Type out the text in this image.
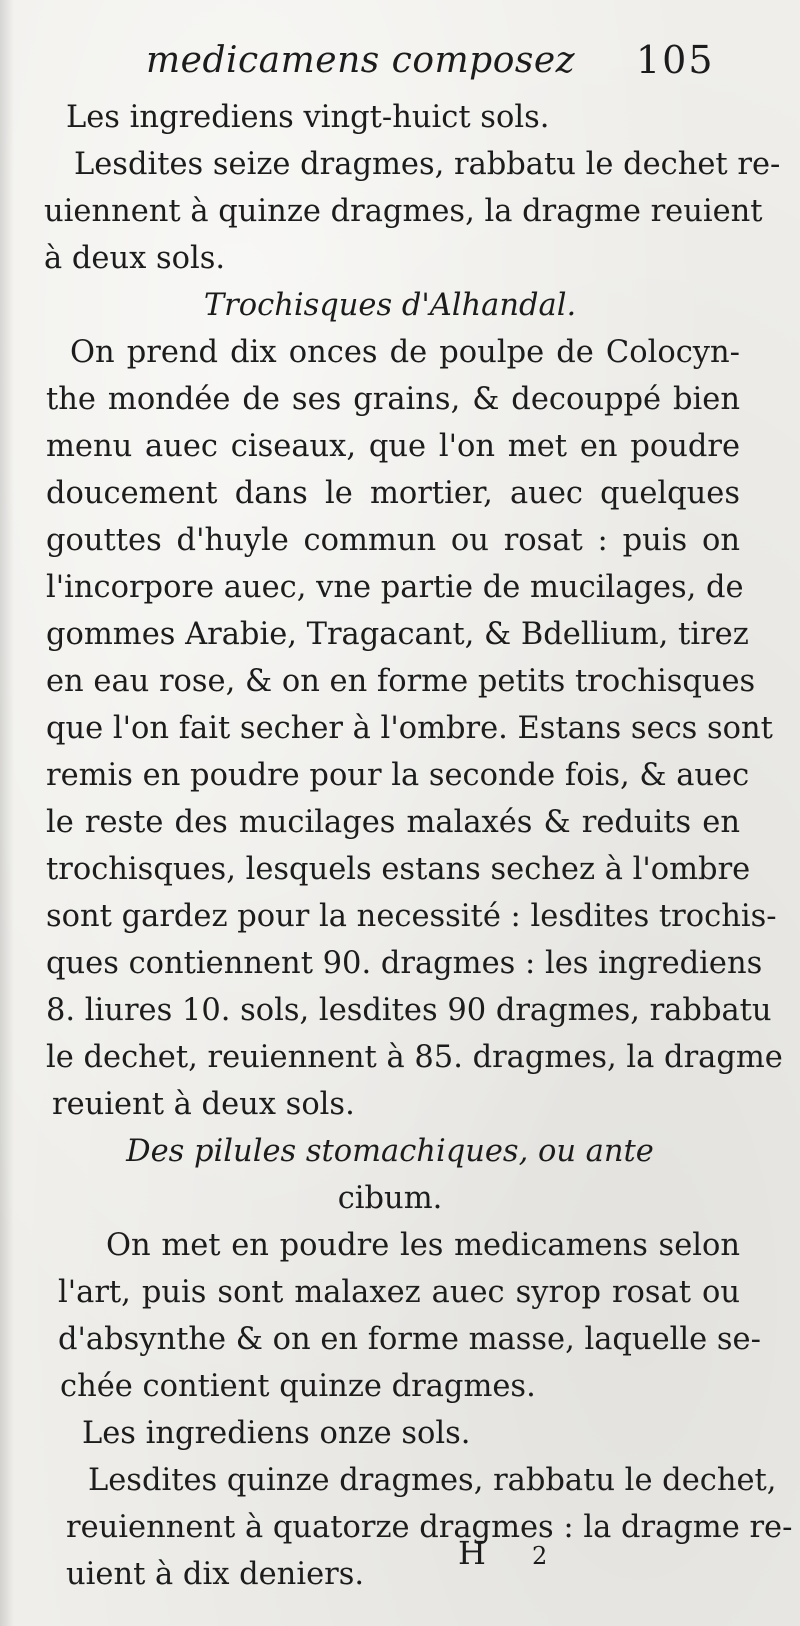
medicamens composez 105
Les ingrediens vingt-huict sols.
Lesdites seize dragmes, rabbatu le dechet re-
uiennent à quinze dragmes, la dragme reuient
à deux sols.
Trochisques d'Alhandal.
On prend dix onces de poulpe de Colocyn-
the mondée de ses grains, & decouppé bien
menu auec ciseaux, que l'on met en poudre
doucement dans le mortier, auec quelques
gouttes d'huyle commun ou rosat : puis on
l'incorpore auec, vne partie de mucilages, de
gommes Arabie, Tragacant, & Bdellium, tirez
en eau rose, & on en forme petits trochisques
que l'on fait secher à l'ombre. Estans secs sont
remis en poudre pour la seconde fois, & auec
le reste des mucilages malaxés & reduits en
trochisques, lesquels estans sechez à l'ombre
sont gardez pour la necessité : lesdites trochis-
ques contiennent 90. dragmes : les ingrediens
8. liures 10. sols, lesdites 90 dragmes, rabbatu
le dechet, reuiennent à 85. dragmes, la dragme
reuient à deux sols.
Des pilules stomachiques, ou ante
cibum.
On met en poudre les medicamens selon
l'art, puis sont malaxez auec syrop rosat ou
d'absynthe & on en forme masse, laquelle se-
chée contient quinze dragmes.
Les ingrediens onze sols.
Lesdites quinze dragmes, rabbatu le dechet,
reuiennent à quatorze dragmes : la dragme re-
uient à dix deniers.
H 2
